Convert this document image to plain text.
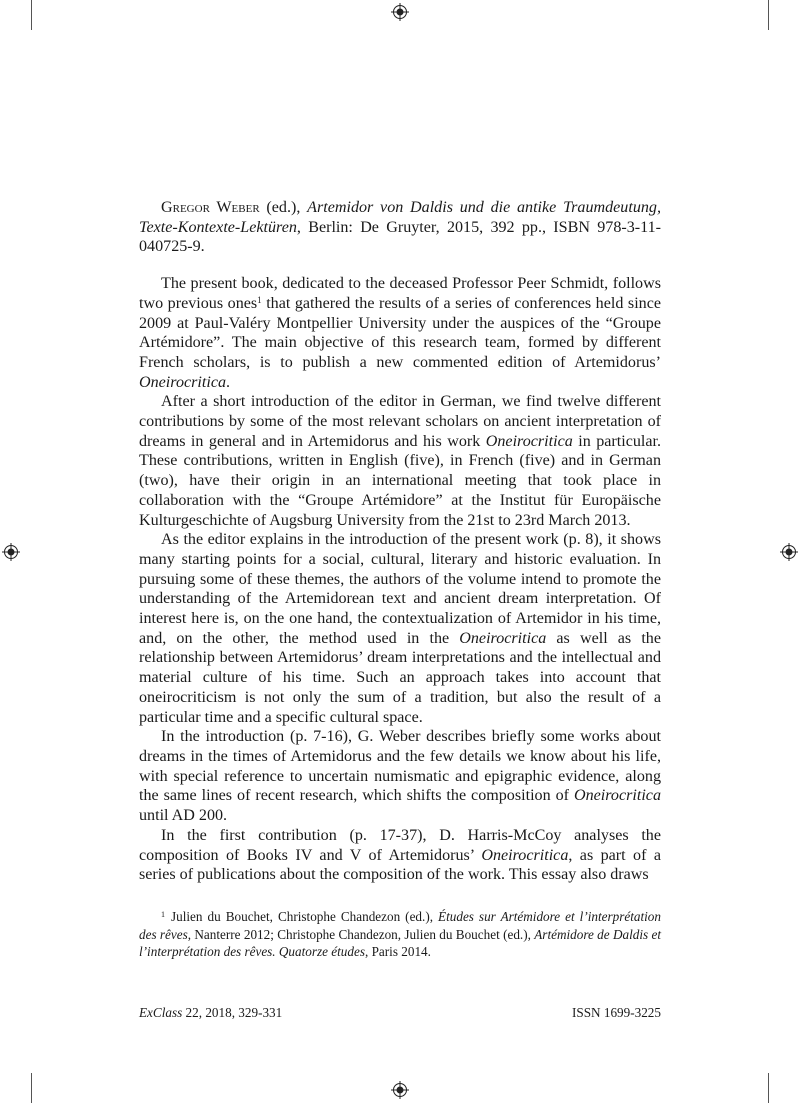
Gregor Weber (ed.), Artemidor von Daldis und die antike Traumdeutung, Texte-Kontexte-Lektüren, Berlin: De Gruyter, 2015, 392 pp., ISBN 978-3-11-040725-9.

The present book, dedicated to the deceased Professor Peer Schmidt, follows two previous ones$^1$ that gathered the results of a series of conferences held since 2009 at Paul-Valéry Montpellier University under the auspices of the “Groupe Artémidore”. The main objective of this research team, formed by different French scholars, is to publish a new commented edition of Artemidorus’ Oneirocritica.

After a short introduction of the editor in German, we find twelve different contributions by some of the most relevant scholars on ancient interpretation of dreams in general and in Artemidorus and his work Oneirocritica in particular. These contributions, written in English (five), in French (five) and in German (two), have their origin in an international meeting that took place in collaboration with the “Groupe Artémidore” at the Institut für Europäische Kulturgeschichte of Augsburg University from the 21st to 23rd March 2013.

As the editor explains in the introduction of the present work (p. 8), it shows many starting points for a social, cultural, literary and historic evaluation. In pursuing some of these themes, the authors of the volume intend to promote the understanding of the Artemidorean text and ancient dream interpretation. Of interest here is, on the one hand, the contextualization of Artemidor in his time, and, on the other, the method used in the Oneirocritica as well as the relationship between Artemidorus’ dream interpretations and the intellectual and material culture of his time. Such an approach takes into account that oneirocriticism is not only the sum of a tradition, but also the result of a particular time and a specific cultural space.

In the introduction (p. 7-16), G. Weber describes briefly some works about dreams in the times of Artemidorus and the few details we know about his life, with special reference to uncertain numismatic and epigraphic evidence, along the same lines of recent research, which shifts the composition of Oneirocritica until AD 200.

In the first contribution (p. 17-37), D. Harris-McCoy analyses the composition of Books IV and V of Artemidorus’ Oneirocritica, as part of a series of publications about the composition of the work. This essay also draws

$^1$ Julien du Bouchet, Christophe Chandezon (ed.), Études sur Artémidore et l’interprétation des rêves, Nanterre 2012; Christophe Chandezon, Julien du Bouchet (ed.), Artémidore de Daldis et l’interprétation des rêves. Quatorze études, Paris 2014.

ExClass 22, 2018, 329-331	ISSN 1699-3225
